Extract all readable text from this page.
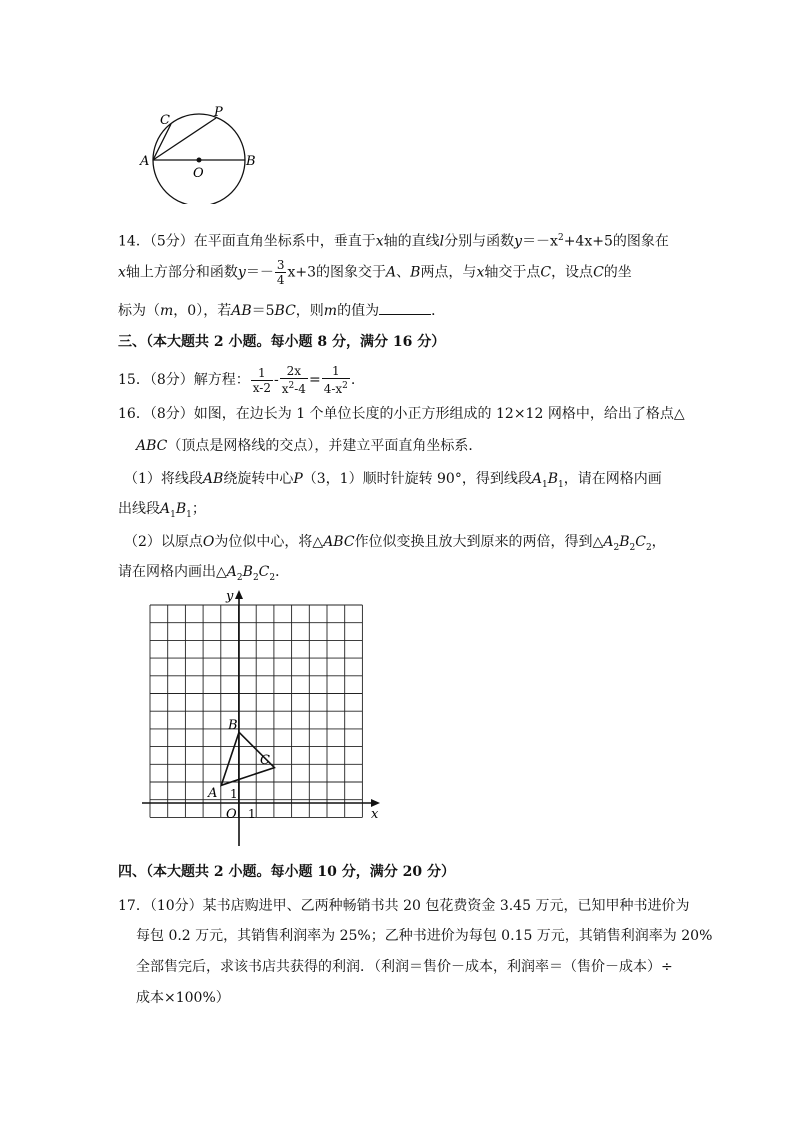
C
P
A	B
O
14．（5分）在平面直角坐标系中，垂直于x轴的直线l分别与函数$y=-x^2+4x+5$的图象在
x轴上方部分和函数$y=- \frac{3}{4} x+3$的图象交于A、B两点，与x轴交于点C，设点C的坐
标为（m，0），若AB＝5BC，则m的值为	．
三、（本大题共 2 小题。每小题 8 分，满分 16 分）
15．（8分）解方程： $\frac{1}{x-2} - \frac{2x}{x^2-4} = \frac{1}{4-x^2}$ .
16．（8分）如图，在边长为 1 个单位长度的小正方形组成的 12×12 网格中，给出了格点△
ABC（顶点是网格线的交点），并建立平面直角坐标系．
（1）将线段AB绕旋转中心P（3，1）顺时针旋转 90°，得到线段$A_1B_1$，请在网格内画
出线段$A_1B_1$；
（2）以原点O为位似中心，将△ABC作位似变换且放大到原来的两倍，得到$\triangle A_2B_2C_2$，
请在网格内画出$\triangle A_2B_2C_2$．
y
x
A
B
C
O 1
1
四、（本大题共 2 小题。每小题 10 分，满分 20 分）
17．（10分）某书店购进甲、乙两种畅销书共 20 包花费资金 3.45 万元，已知甲种书进价为
每包 0.2 万元，其销售利润率为 25%；乙种书进价为每包 0.15 万元，其销售利润率为 20%
全部售完后，求该书店共获得的利润．（利润＝售价－成本，利润率＝（售价－成本）÷
成本×100%）
